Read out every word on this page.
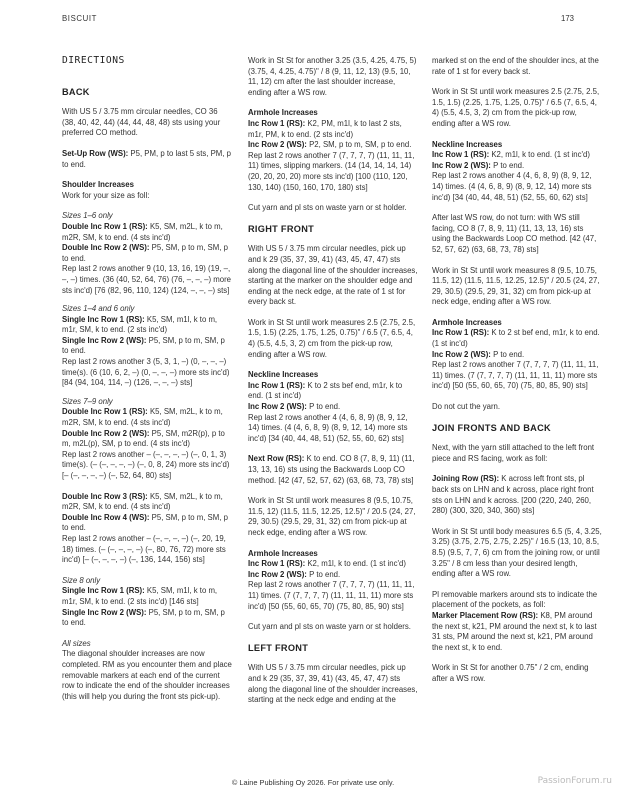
BISCUIT	173
DIRECTIONS
BACK

With US 5 / 3.75 mm circular needles, CO 36 (38, 40, 42, 44) (44, 44, 48, 48) sts using your preferred CO method.

Set-Up Row (WS): P5, PM, p to last 5 sts, PM, p to end.

Shoulder Increases

Work for your size as foll:

Sizes 1–6 only
Double Inc Row 1 (RS): K5, SM, m2L, k to m, m2R, SM, k to end. (4 sts inc'd)
Double Inc Row 2 (WS): P5, SM, p to m, SM, p to end.
Rep last 2 rows another 9 (10, 13, 16, 19) (19, –, –, –) times. (36 (40, 52, 64, 76) (76, –, –, –) more sts inc'd) [76 (82, 96, 110, 124) (124, –, –, –) sts]

Sizes 1–4 and 6 only
Single Inc Row 1 (RS): K5, SM, m1l, k to m, m1r, SM, k to end. (2 sts inc'd)
Single Inc Row 2 (WS): P5, SM, p to m, SM, p to end.
Rep last 2 rows another 3 (5, 3, 1, –) (0, –, –, –) time(s). (6 (10, 6, 2, –) (0, –, –, –) more sts inc'd) [84 (94, 104, 114, –) (126, –, –, –) sts]

Sizes 7–9 only
Double Inc Row 1 (RS): K5, SM, m2L, k to m, m2R, SM, k to end. (4 sts inc'd)
Double Inc Row 2 (WS): P5, SM, m2R(p), p to m, m2L(p), SM, p to end. (4 sts inc'd)
Rep last 2 rows another – (–, –, –, –) (–, 0, 1, 3) time(s). (– (–, –, –, –) (–, 0, 8, 24) more sts inc'd) [– (–, –, –, –) (–, 52, 64, 80) sts]

Double Inc Row 3 (RS): K5, SM, m2L, k to m, m2R, SM, k to end. (4 sts inc'd)
Double Inc Row 4 (WS): P5, SM, p to m, SM, p to end.
Rep last 2 rows another – (–, –, –, –) (–, 20, 19, 18) times. (– (–, –, –, –) (–, 80, 76, 72) more sts inc'd) [– (–, –, –, –) (–, 136, 144, 156) sts]

Size 8 only
Single Inc Row 1 (RS): K5, SM, m1l, k to m, m1r, SM, k to end. (2 sts inc'd) [146 sts]
Single Inc Row 2 (WS): P5, SM, p to m, SM, p to end.

All sizes
The diagonal shoulder increases are now completed. RM as you encounter them and place removable markers at each end of the current row to indicate the end of the shoulder increases (this will help you during the front sts pick-up).

Work in St St for another 3.25 (3.5, 4.25, 4.75, 5) (3.75, 4, 4.25, 4.75)" / 8 (9, 11, 12, 13) (9.5, 10, 11, 12) cm after the last shoulder increase, ending after a WS row.

Armhole Increases
Inc Row 1 (RS): K2, PM, m1l, k to last 2 sts, m1r, PM, k to end. (2 sts inc'd)
Inc Row 2 (WS): P2, SM, p to m, SM, p to end.
Rep last 2 rows another 7 (7, 7, 7, 7) (11, 11, 11, 11) times, slipping markers. (14 (14, 14, 14, 14) (20, 20, 20, 20) more sts inc'd) [100 (110, 120, 130, 140) (150, 160, 170, 180) sts]

Cut yarn and pl sts on waste yarn or st holder.

RIGHT FRONT

With US 5 / 3.75 mm circular needles, pick up and k 29 (35, 37, 39, 41) (43, 45, 47, 47) sts along the diagonal line of the shoulder increases, starting at the marker on the shoulder edge and ending at the neck edge, at the rate of 1 st for every back st.

Work in St St until work measures 2.5 (2.75, 2.5, 1.5, 1.5) (2.25, 1.75, 1.25, 0.75)" / 6.5 (7, 6.5, 4, 4) (5.5, 4.5, 3, 2) cm from the pick-up row, ending after a WS row.

Neckline Increases
Inc Row 1 (RS): K to 2 sts bef end, m1r, k to end. (1 st inc'd)
Inc Row 2 (WS): P to end.
Rep last 2 rows another 4 (4, 6, 8, 9) (8, 9, 12, 14) times. (4 (4, 6, 8, 9) (8, 9, 12, 14) more sts inc'd) [34 (40, 44, 48, 51) (52, 55, 60, 62) sts]

Next Row (RS): K to end. CO 8 (7, 8, 9, 11) (11, 13, 13, 16) sts using the Backwards Loop CO method. [42 (47, 52, 57, 62) (63, 68, 73, 78) sts]

Work in St St until work measures 8 (9.5, 10.75, 11.5, 12) (11.5, 11.5, 12.25, 12.5)" / 20.5 (24, 27, 29, 30.5) (29.5, 29, 31, 32) cm from pick-up at neck edge, ending after a WS row.

Armhole Increases
Inc Row 1 (RS): K2, m1l, k to end. (1 st inc'd)
Inc Row 2 (WS): P to end.
Rep last 2 rows another 7 (7, 7, 7, 7) (11, 11, 11, 11) times. (7 (7, 7, 7, 7) (11, 11, 11, 11) more sts inc'd) [50 (55, 60, 65, 70) (75, 80, 85, 90) sts]

Cut yarn and pl sts on waste yarn or st holders.

LEFT FRONT

With US 5 / 3.75 mm circular needles, pick up and k 29 (35, 37, 39, 41) (43, 45, 47, 47) sts along the diagonal line of the shoulder increases, starting at the neck edge and ending at the

marked st on the end of the shoulder incs, at the rate of 1 st for every back st.

Work in St St until work measures 2.5 (2.75, 2.5, 1.5, 1.5) (2.25, 1.75, 1.25, 0.75)" / 6.5 (7, 6.5, 4, 4) (5.5, 4.5, 3, 2) cm from the pick-up row, ending after a WS row.

Neckline Increases
Inc Row 1 (RS): K2, m1l, k to end. (1 st inc'd)
Inc Row 2 (WS): P to end.
Rep last 2 rows another 4 (4, 6, 8, 9) (8, 9, 12, 14) times. (4 (4, 6, 8, 9) (8, 9, 12, 14) more sts inc'd) [34 (40, 44, 48, 51) (52, 55, 60, 62) sts]

After last WS row, do not turn: with WS still facing, CO 8 (7, 8, 9, 11) (11, 13, 13, 16) sts using the Backwards Loop CO method. [42 (47, 52, 57, 62) (63, 68, 73, 78) sts]

Work in St St until work measures 8 (9.5, 10.75, 11.5, 12) (11.5, 11.5, 12.25, 12.5)" / 20.5 (24, 27, 29, 30.5) (29.5, 29, 31, 32) cm from pick-up at neck edge, ending after a WS row.

Armhole Increases
Inc Row 1 (RS): K to 2 st bef end, m1r, k to end. (1 st inc'd)
Inc Row 2 (WS): P to end.
Rep last 2 rows another 7 (7, 7, 7, 7) (11, 11, 11, 11) times. (7 (7, 7, 7, 7) (11, 11, 11, 11) more sts inc'd) [50 (55, 60, 65, 70) (75, 80, 85, 90) sts]

Do not cut the yarn.

JOIN FRONTS AND BACK

Next, with the yarn still attached to the left front piece and RS facing, work as foll:

Joining Row (RS): K across left front sts, pl back sts on LHN and k across, place right front sts on LHN and k across. [200 (220, 240, 260, 280) (300, 320, 340, 360) sts]

Work in St St until body measures 6.5 (5, 4, 3.25, 3.25) (3.75, 2.75, 2.75, 2.25)" / 16.5 (13, 10, 8.5, 8.5) (9.5, 7, 7, 6) cm from the joining row, or until 3.25" / 8 cm less than your desired length, ending after a WS row.

Pl removable markers around sts to indicate the placement of the pockets, as foll:
Marker Placement Row (RS): K8, PM around the next st, k21, PM around the next st, k to last 31 sts, PM around the next st, k21, PM around the next st, k to end.

Work in St St for another 0.75" / 2 cm, ending after a WS row.

© Laine Publishing Oy 2026. For private use only.	PassionForum.ru
